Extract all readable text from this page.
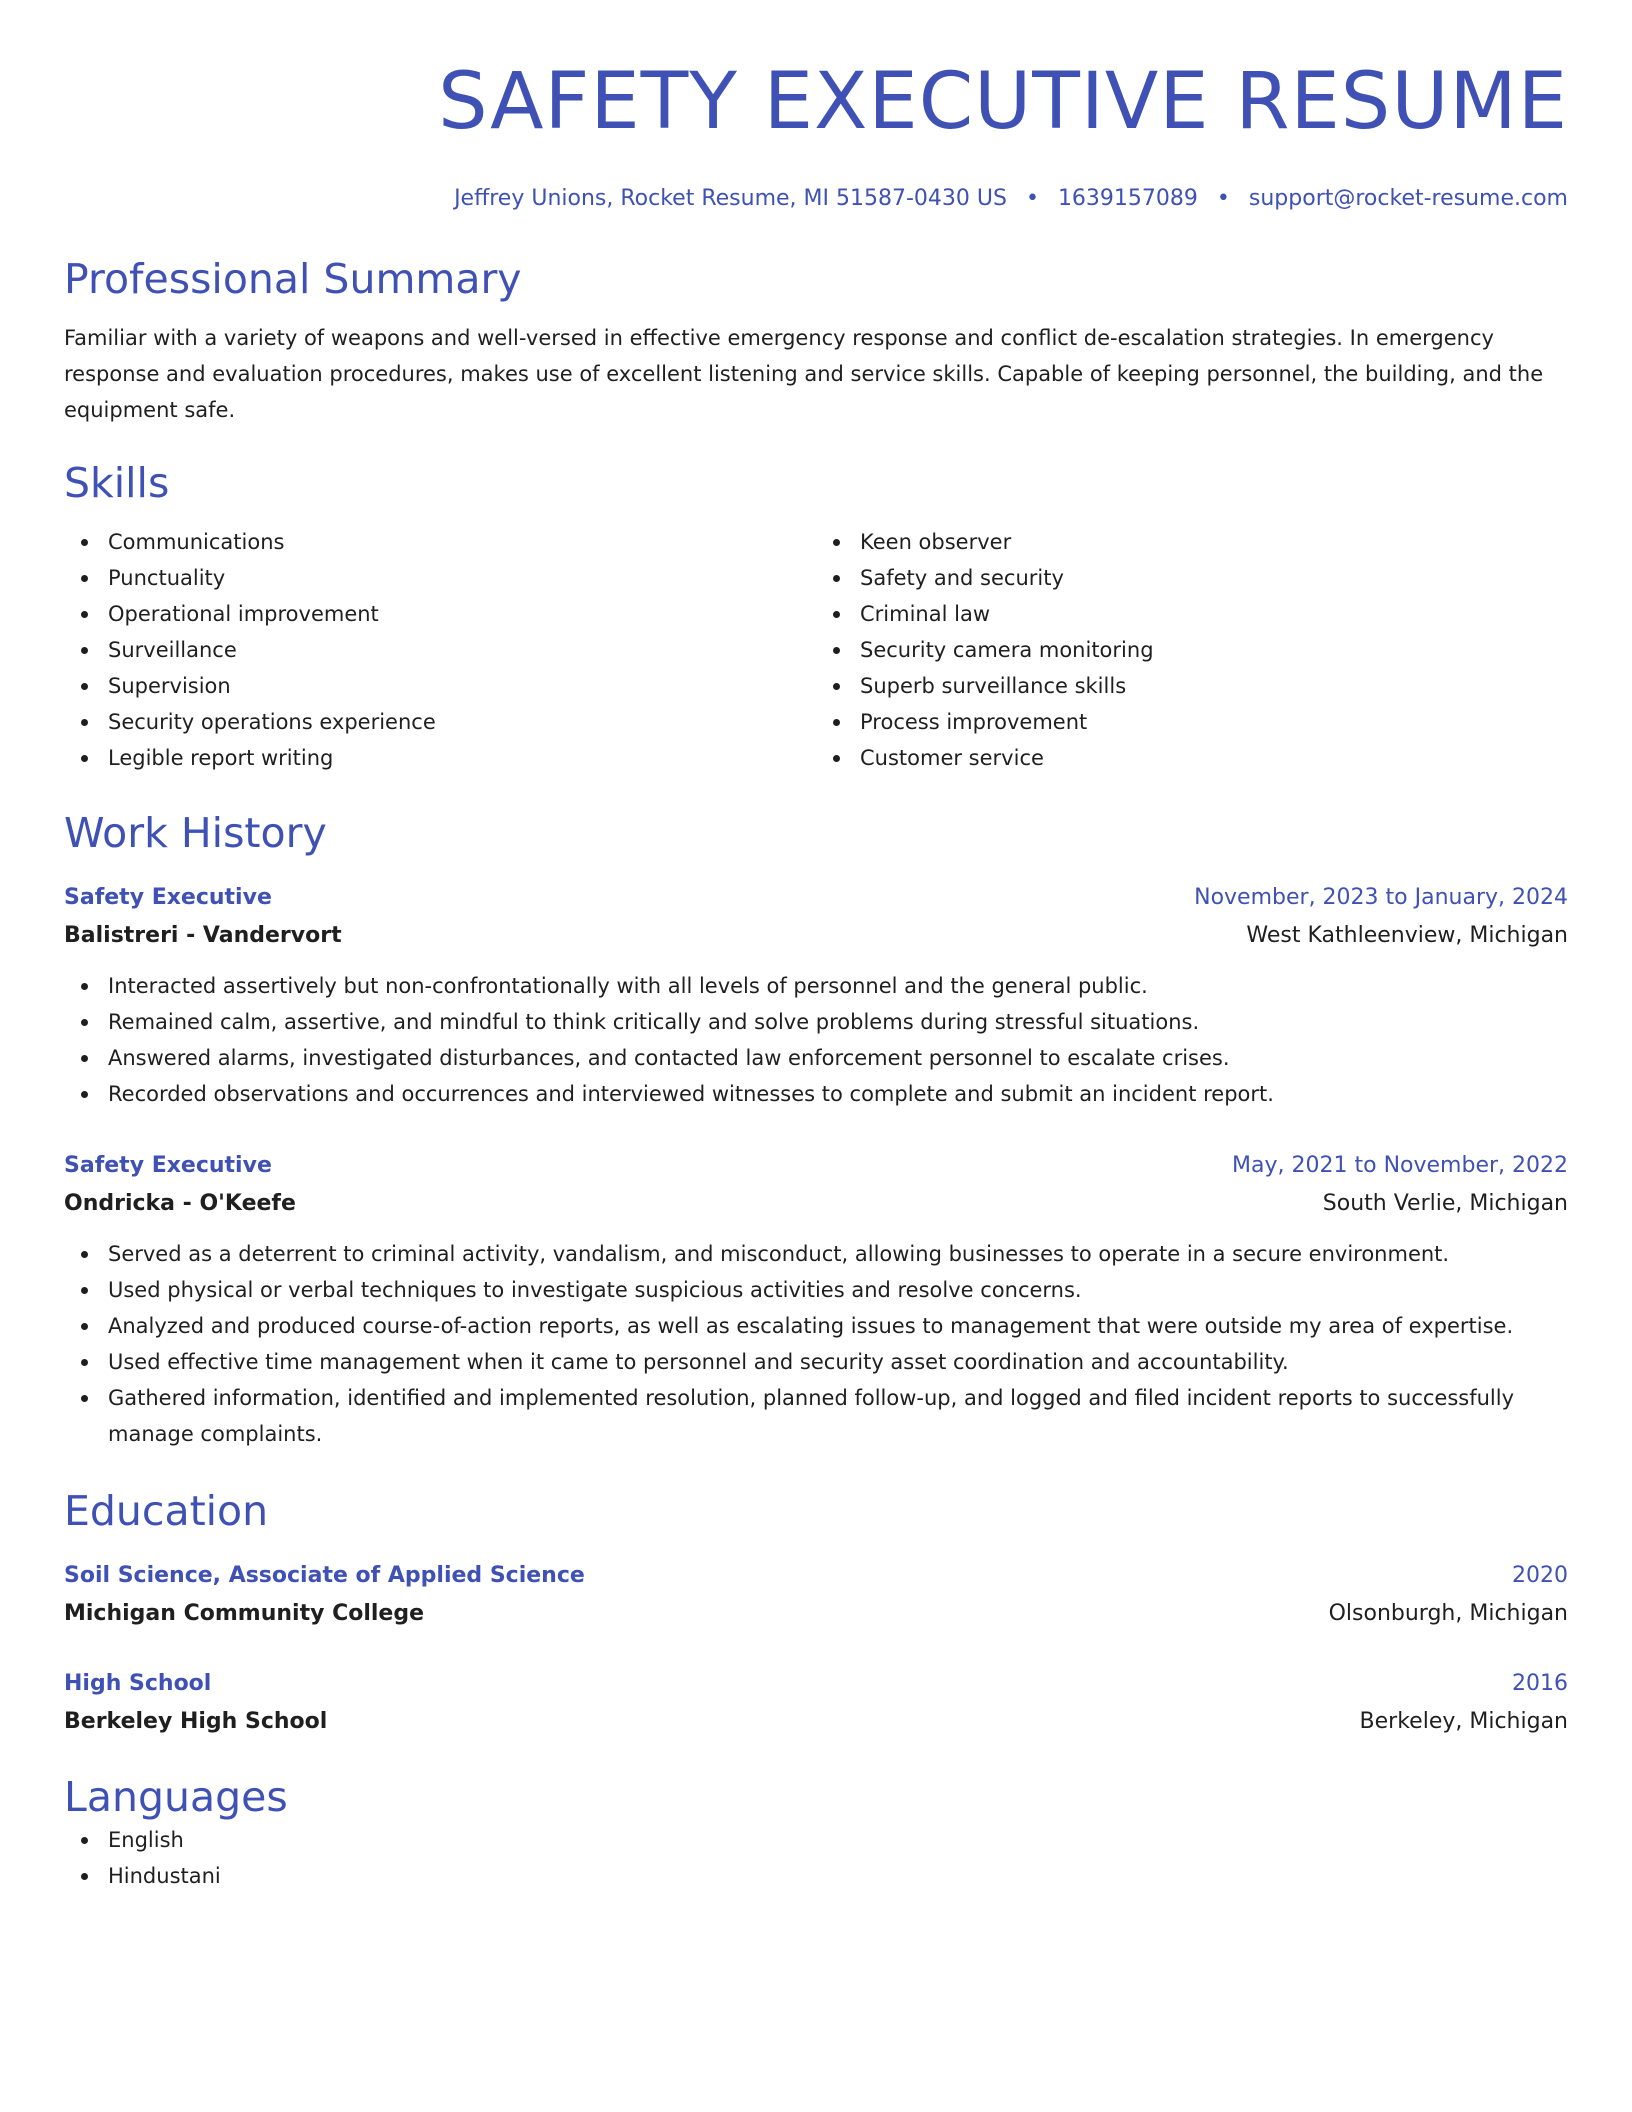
SAFETY EXECUTIVE RESUME
Jeffrey Unions, Rocket Resume, MI 51587-0430 US • 1639157089 • support@rocket-resume.com
Professional Summary
Familiar with a variety of weapons and well-versed in effective emergency response and conflict de-escalation strategies. In emergency response and evaluation procedures, makes use of excellent listening and service skills. Capable of keeping personnel, the building, and the equipment safe.
Skills
Communications
Punctuality
Operational improvement
Surveillance
Supervision
Security operations experience
Legible report writing
Keen observer
Safety and security
Criminal law
Security camera monitoring
Superb surveillance skills
Process improvement
Customer service
Work History
Safety Executive	November, 2023 to January, 2024
Balistreri - Vandervort	West Kathleenview, Michigan
Interacted assertively but non-confrontationally with all levels of personnel and the general public.
Remained calm, assertive, and mindful to think critically and solve problems during stressful situations.
Answered alarms, investigated disturbances, and contacted law enforcement personnel to escalate crises.
Recorded observations and occurrences and interviewed witnesses to complete and submit an incident report.
Safety Executive	May, 2021 to November, 2022
Ondricka - O'Keefe	South Verlie, Michigan
Served as a deterrent to criminal activity, vandalism, and misconduct, allowing businesses to operate in a secure environment.
Used physical or verbal techniques to investigate suspicious activities and resolve concerns.
Analyzed and produced course-of-action reports, as well as escalating issues to management that were outside my area of expertise.
Used effective time management when it came to personnel and security asset coordination and accountability.
Gathered information, identified and implemented resolution, planned follow-up, and logged and filed incident reports to successfully manage complaints.
Education
Soil Science, Associate of Applied Science	2020
Michigan Community College	Olsonburgh, Michigan
High School	2016
Berkeley High School	Berkeley, Michigan
Languages
English
Hindustani
